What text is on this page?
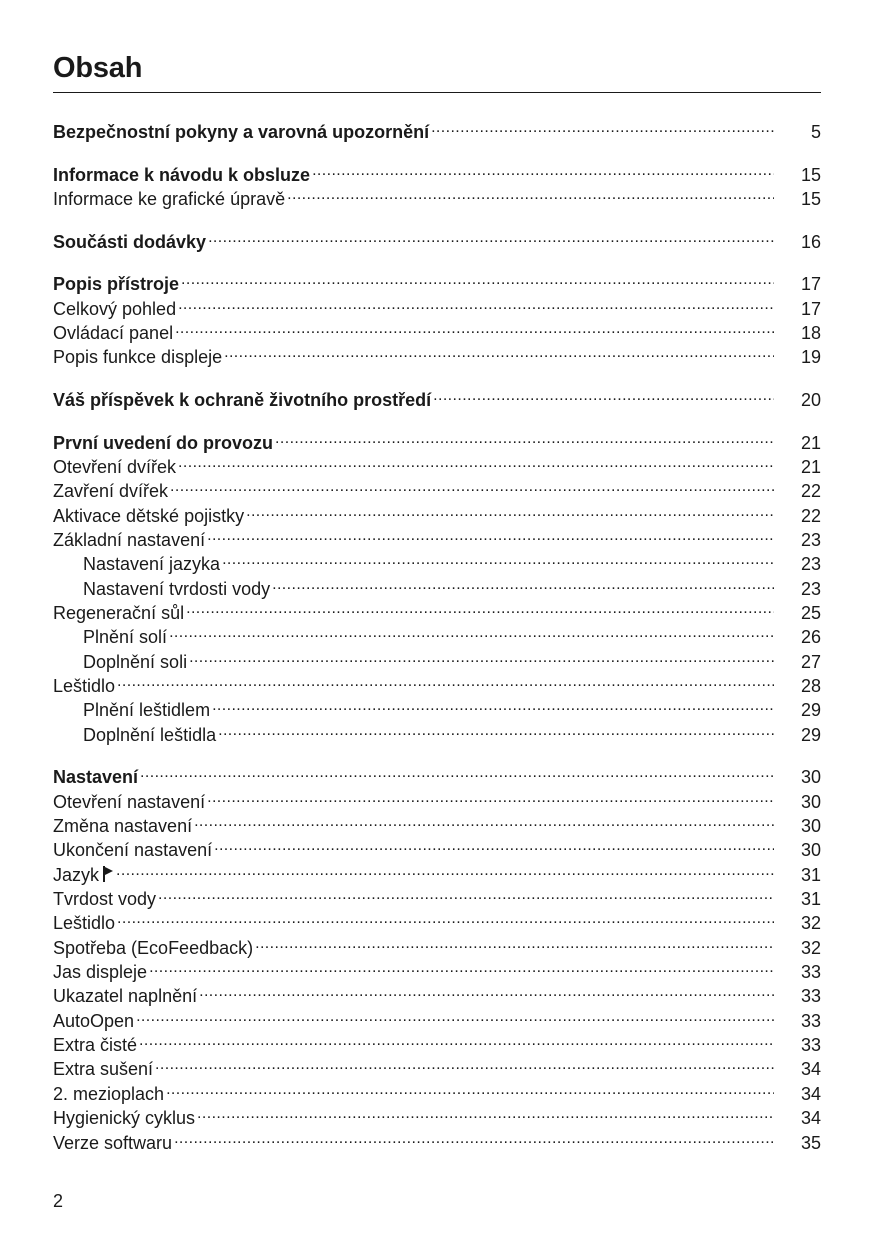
Obsah
Bezpečnostní pokyny a varovná upozornění .....	5
Informace k návodu k obsluze .....	15
Informace ke grafické úpravě .....	15
Součásti dodávky .....	16
Popis přístroje .....	17
Celkový pohled .....	17
Ovládací panel .....	18
Popis funkce displeje .....	19
Váš příspěvek k ochraně životního prostředí .....	20
První uvedení do provozu .....	21
Otevření dvířek .....	21
Zavření dvířek .....	22
Aktivace dětské pojistky .....	22
Základní nastavení .....	23
Nastavení jazyka .....	23
Nastavení tvrdosti vody .....	23
Regenerační sůl .....	25
Plnění solí .....	26
Doplnění soli .....	27
Leštidlo .....	28
Plnění leštidlem .....	29
Doplnění leštidla .....	29
Nastavení .....	30
Otevření nastavení .....	30
Změna nastavení .....	30
Ukončení nastavení .....	30
Jazyk .....	31
Tvrdost vody .....	31
Leštidlo .....	32
Spotřeba (EcoFeedback) .....	32
Jas displeje .....	33
Ukazatel naplnění .....	33
AutoOpen .....	33
Extra čisté .....	33
Extra sušení .....	34
2. mezioplach .....	34
Hygienický cyklus .....	34
Verze softwaru .....	35
2
